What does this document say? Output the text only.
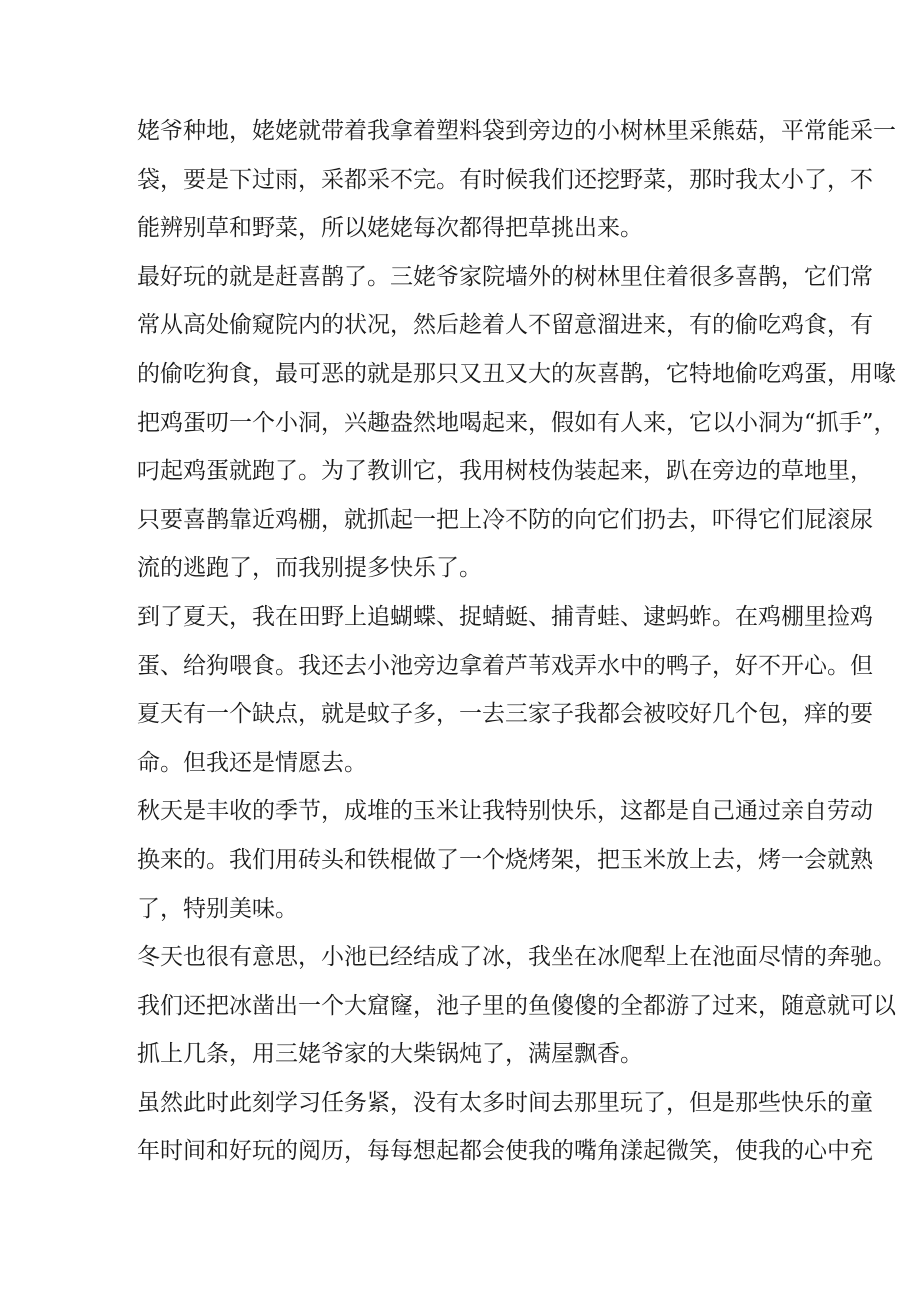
姥爷种地，姥姥就带着我拿着塑料袋到旁边的小树林里采熊菇，平常能采一
袋，要是下过雨，采都采不完。有时候我们还挖野菜，那时我太小了，不
能辨别草和野菜，所以姥姥每次都得把草挑出来。
最好玩的就是赶喜鹊了。三姥爷家院墙外的树林里住着很多喜鹊，它们常
常从高处偷窥院内的状况，然后趁着人不留意溜进来，有的偷吃鸡食，有
的偷吃狗食，最可恶的就是那只又丑又大的灰喜鹊，它特地偷吃鸡蛋，用喙
把鸡蛋叨一个小洞，兴趣盎然地喝起来，假如有人来，它以小洞为“抓手”，
叼起鸡蛋就跑了。为了教训它，我用树枝伪装起来，趴在旁边的草地里，
只要喜鹊靠近鸡棚，就抓起一把上冷不防的向它们扔去，吓得它们屁滚尿
流的逃跑了，而我别提多快乐了。
到了夏天，我在田野上追蝴蝶、捉蜻蜓、捕青蛙、逮蚂蚱。在鸡棚里捡鸡
蛋、给狗喂食。我还去小池旁边拿着芦苇戏弄水中的鸭子，好不开心。但
夏天有一个缺点，就是蚊子多，一去三家子我都会被咬好几个包，痒的要
命。但我还是情愿去。
秋天是丰收的季节，成堆的玉米让我特别快乐，这都是自己通过亲自劳动
换来的。我们用砖头和铁棍做了一个烧烤架，把玉米放上去，烤一会就熟
了，特别美味。
冬天也很有意思，小池已经结成了冰，我坐在冰爬犁上在池面尽情的奔驰。
我们还把冰凿出一个大窟窿，池子里的鱼傻傻的全都游了过来，随意就可以
抓上几条，用三姥爷家的大柴锅炖了，满屋飘香。
虽然此时此刻学习任务紧，没有太多时间去那里玩了，但是那些快乐的童
年时间和好玩的阅历，每每想起都会使我的嘴角漾起微笑，使我的心中充
